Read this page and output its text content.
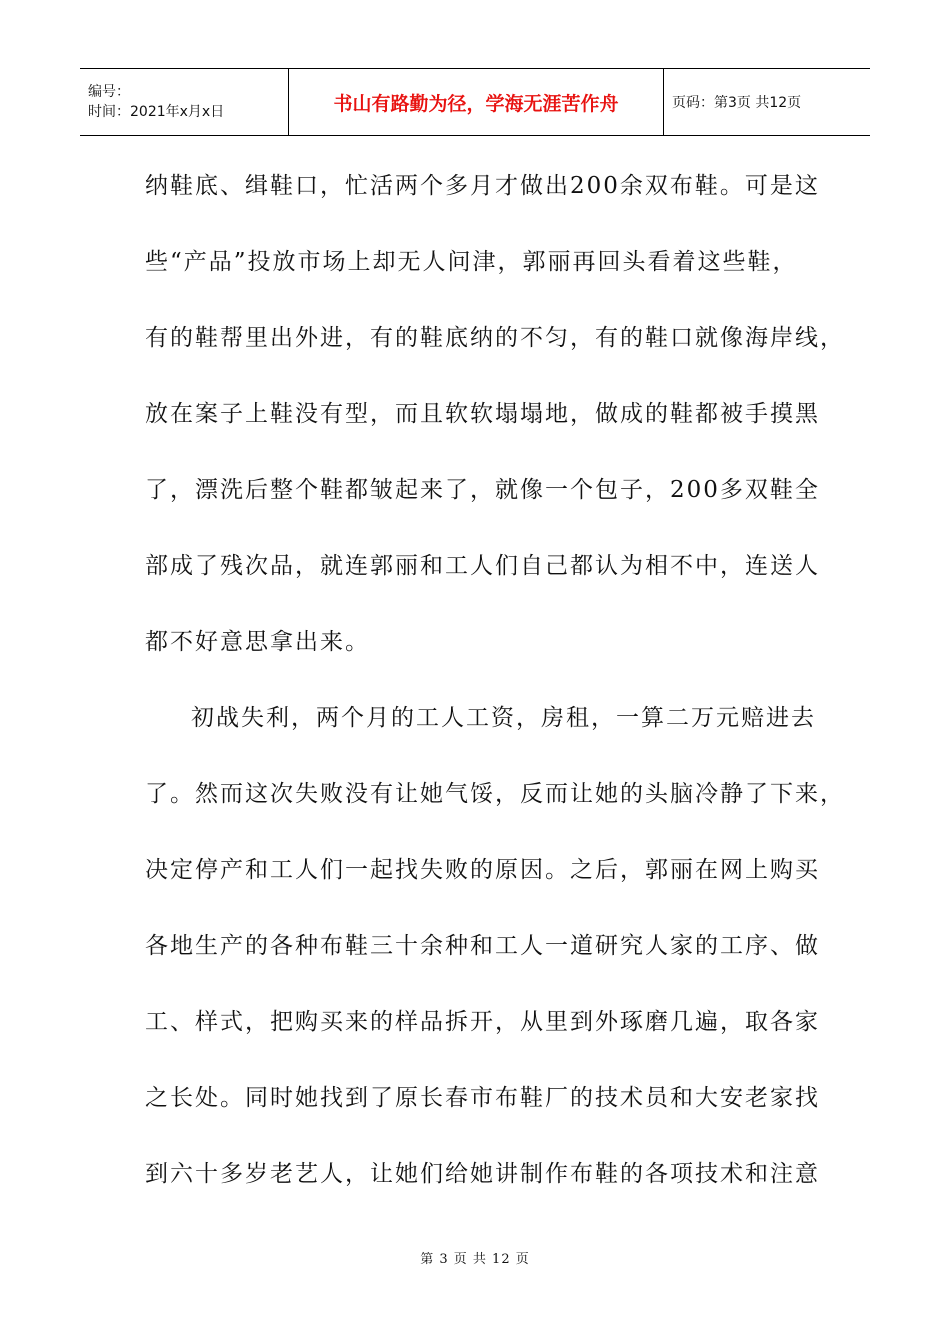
编号：
时间：2021年x月x日	书山有路勤为径，学海无涯苦作舟	页码：第3页 共12页
纳鞋底、缉鞋口，忙活两个多月才做出200余双布鞋。可是这
些“产品”投放市场上却无人问津，郭丽再回头看着这些鞋，
有的鞋帮里出外进，有的鞋底纳的不匀，有的鞋口就像海岸线，
放在案子上鞋没有型，而且软软塌塌地，做成的鞋都被手摸黑
了，漂洗后整个鞋都皱起来了，就像一个包子，200多双鞋全
部成了残次品，就连郭丽和工人们自己都认为相不中，连送人
都不好意思拿出来。
初战失利，两个月的工人工资，房租，一算二万元赔进去
了。然而这次失败没有让她气馁，反而让她的头脑冷静了下来，
决定停产和工人们一起找失败的原因。之后，郭丽在网上购买
各地生产的各种布鞋三十余种和工人一道研究人家的工序、做
工、样式，把购买来的样品拆开，从里到外琢磨几遍，取各家
之长处。同时她找到了原长春市布鞋厂的技术员和大安老家找
到六十多岁老艺人，让她们给她讲制作布鞋的各项技术和注意
第 3 页 共 12 页
